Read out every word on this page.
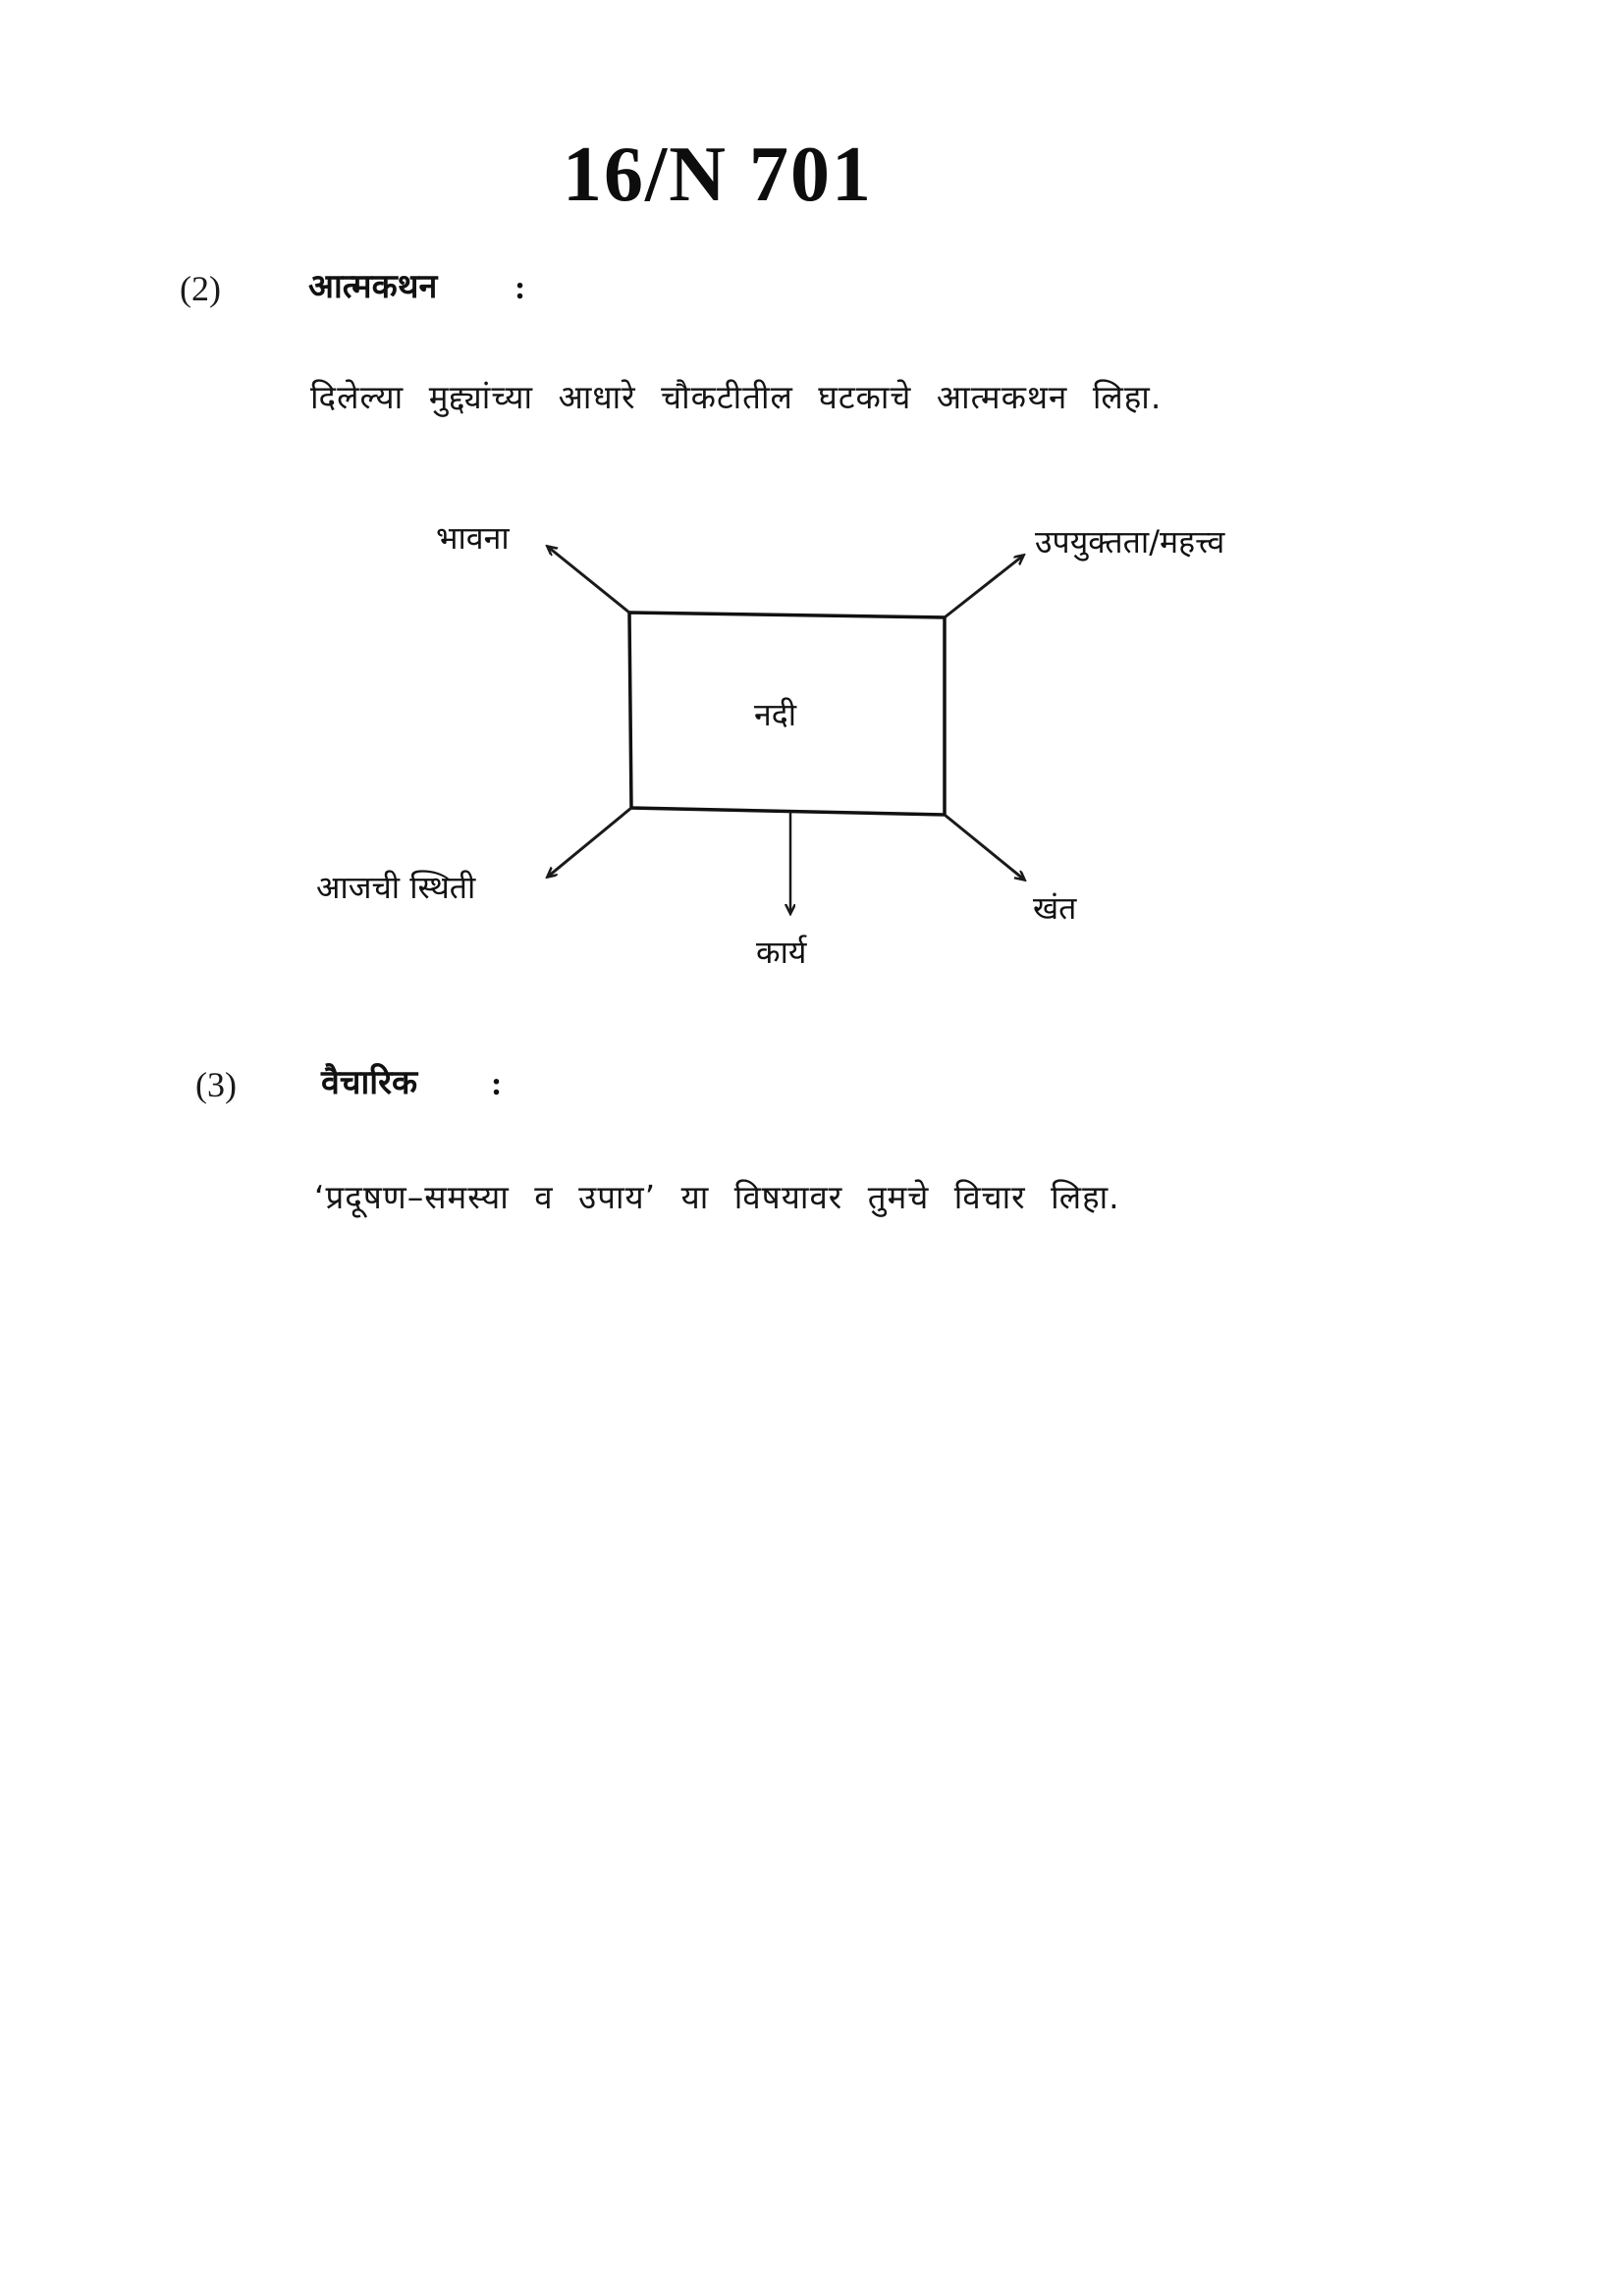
16/N 701
(2)	आत्मकथन :
दिलेल्या मुद्द्यांच्या आधारे चौकटीतील घटकाचे आत्मकथन लिहा.
नदी
भावना	उपयुक्तता/महत्त्व
आजची स्थिती
कार्य
खंत
(3)	वैचारिक :
‘प्रदूषण–समस्या व उपाय’ या विषयावर तुमचे विचार लिहा.
